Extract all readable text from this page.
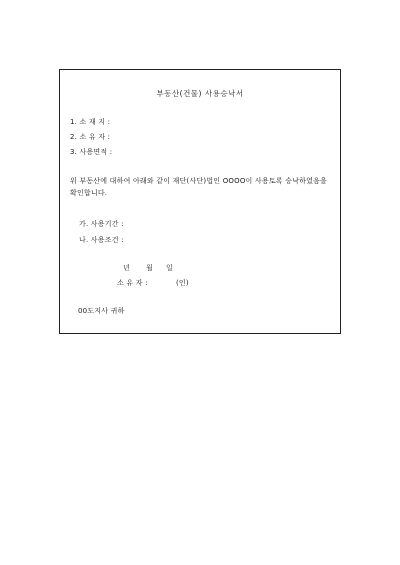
부동산(건물) 사용승낙서
1. 소 재 지 :
2. 소 유 자 :
3. 사용면적 :
위 부동산에 대하여 아래와 같이 재단(사단)법인 OOOO이 사용토록 승낙하였음을 확인합니다.
가. 사용기간 :
나. 사용조건 :
년 월 일
소 유 자 :	(인)
00도지사 귀하
